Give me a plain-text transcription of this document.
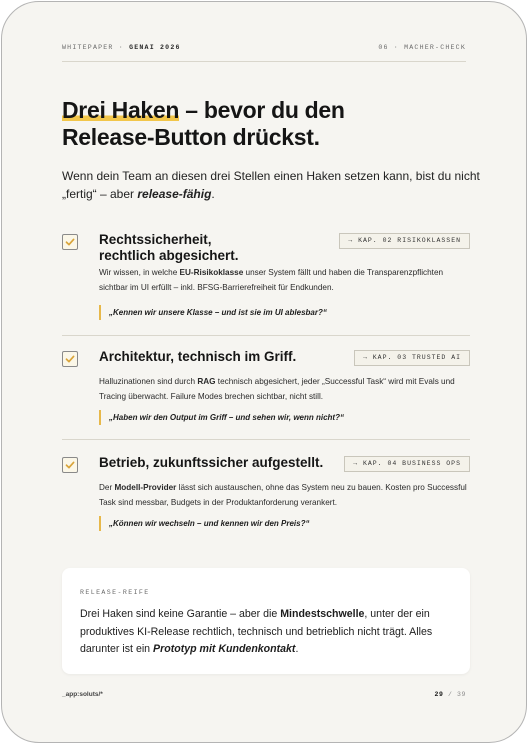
WHITEPAPER · GENAI 2026	06 · MACHER-CHECK
Drei Haken – bevor du den
Release-Button drückst.

Wenn dein Team an diesen drei Stellen einen Haken setzen kann, bist du nicht „fertig“ – aber release-fähig.

Rechtssicherheit,
rechtlich abgesichert.
→ KAP. 02 RISIKOKLASSEN
Wir wissen, in welche EU-Risikoklasse unser System fällt und haben die Transparenzpflichten sichtbar im UI erfüllt – inkl. BFSG-Barrierefreiheit für Endkunden.
„Kennen wir unsere Klasse – und ist sie im UI ablesbar?“
Architektur, technisch im Griff.	→ KAP. 03 TRUSTED AI
Halluzinationen sind durch RAG technisch abgesichert, jeder „Successful Task“ wird mit Evals und Tracing überwacht. Failure Modes brechen sichtbar, nicht still.
„Haben wir den Output im Griff – und sehen wir, wenn nicht?“
Betrieb, zukunftssicher aufgestellt.	→ KAP. 04 BUSINESS OPS
Der Modell-Provider lässt sich austauschen, ohne das System neu zu bauen. Kosten pro Successful Task sind messbar, Budgets in der Produktanforderung verankert.
„Können wir wechseln – und kennen wir den Preis?“
RELEASE-REIFE

Drei Haken sind keine Garantie – aber die Mindestschwelle, unter der ein produktives KI-Release rechtlich, technisch und betrieblich nicht trägt. Alles darunter ist ein Prototyp mit Kundenkontakt.

_app:soluts/*	29 / 39
